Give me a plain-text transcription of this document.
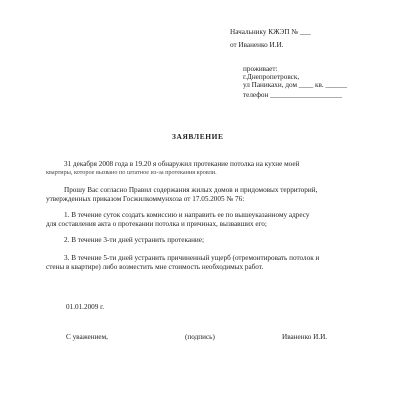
Начальнику КЖЭП № ___
от Иваненко И.И.
проживает:
г.Днепропетровск,
ул Паникахи, дом ____ кв. ______
телефон ____________________
ЗАЯВЛЕНИЕ
31 декабря 2008 года в 19.20 я обнаружил протекание потолка на кухне моей
квартиры, которое вызвано по штатное из-за протекания кровли.
Прошу Вас согласно Правил содержания жилых домов и придомовых территорий,
утвержденных приказом Госжилкоммунхоза от 17.05.2005 № 76:
1. В течение суток создать комиссию и направить ее по вышеуказанному адресу
для составления акта о протекании потолка и причинах, вызвавших его;
2. В течение 3-ти дней устранить протекание;
3. В течение 5-ти дней устранить причиненный ущерб (отремонтировать потолок и
стены в квартире) либо возместить мне стоимость необходимых работ.
01.01.2009 г.
С уважением,	(подпись)	Иваненко И.И.
